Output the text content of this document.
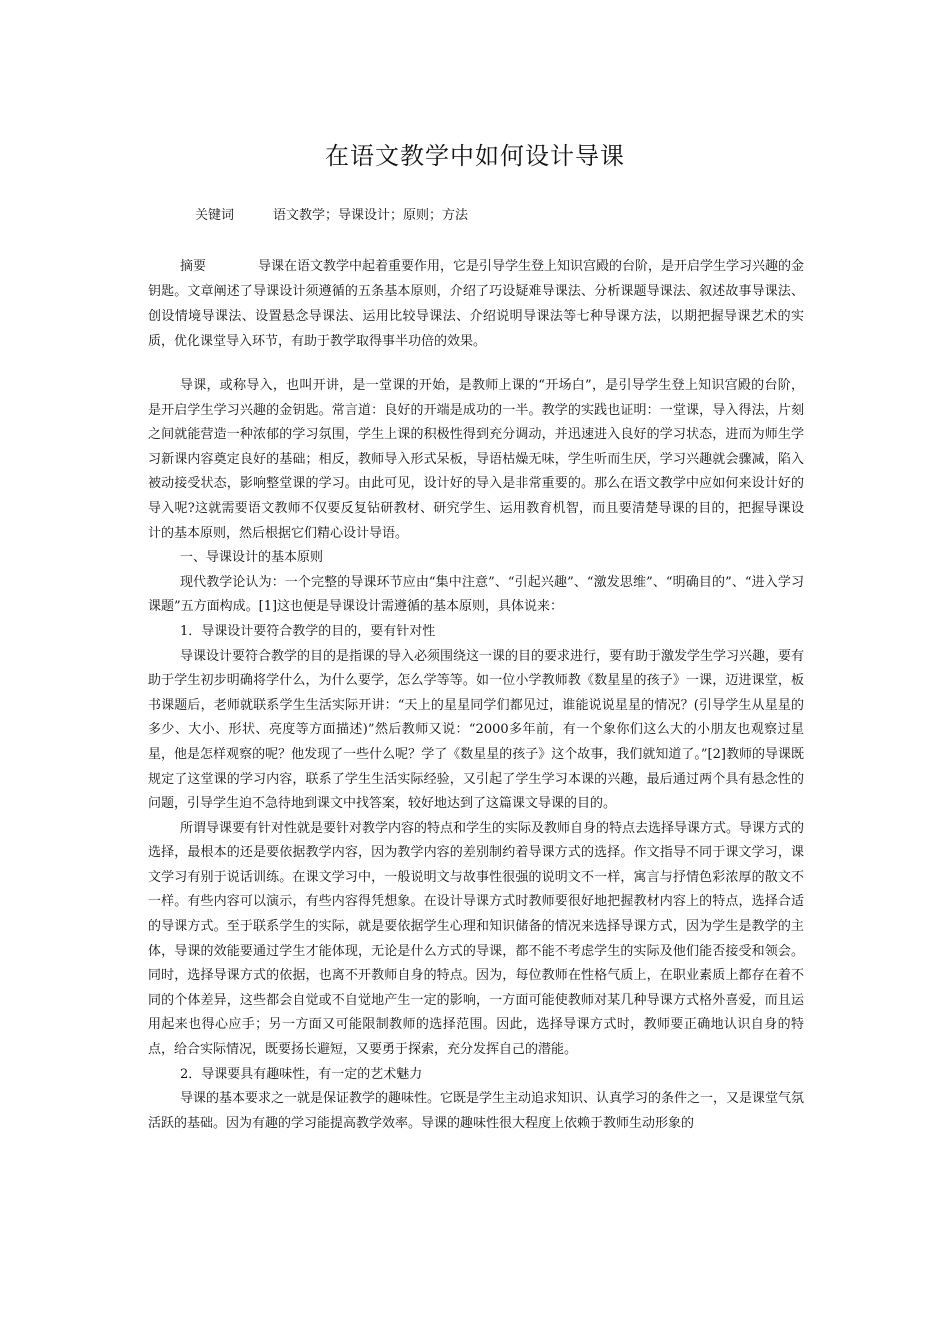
在语文教学中如何设计导课
关键词	语文教学；导课设计；原则；方法
摘要	导课在语文教学中起着重要作用，它是引导学生登上知识宫殿的台阶，是开启学生学习兴趣的金钥匙。文章阐述了导课设计须遵循的五条基本原则，介绍了巧设疑难导课法、分析课题导课法、叙述故事导课法、创设情境导课法、设置悬念导课法、运用比较导课法、介绍说明导课法等七种导课方法，以期把握导课艺术的实质，优化课堂导入环节，有助于教学取得事半功倍的效果。

导课，或称导入，也叫开讲，是一堂课的开始，是教师上课的“开场白”，是引导学生登上知识宫殿的台阶，是开启学生学习兴趣的金钥匙。常言道：良好的开端是成功的一半。教学的实践也证明：一堂课，导入得法，片刻之间就能营造一种浓郁的学习氛围，学生上课的积极性得到充分调动，并迅速进入良好的学习状态，进而为师生学习新课内容奠定良好的基础；相反，教师导入形式呆板，导语枯燥无味，学生听而生厌，学习兴趣就会骤减，陷入被动接受状态，影响整堂课的学习。由此可见，设计好的导入是非常重要的。那么在语文教学中应如何来设计好的导入呢?这就需要语文教师不仅要反复钻研教材、研究学生、运用教育机智，而且要清楚导课的目的，把握导课设计的基本原则，然后根据它们精心设计导语。

一、导课设计的基本原则

现代教学论认为：一个完整的导课环节应由“集中注意”、“引起兴趣”、“激发思维”、“明确目的”、“进入学习课题”五方面构成。[1]这也便是导课设计需遵循的基本原则，具体说来：

1．导课设计要符合教学的目的，要有针对性

导课设计要符合教学的目的是指课的导入必须围绕这一课的目的要求进行，要有助于激发学生学习兴趣，要有助于学生初步明确将学什么，为什么要学，怎么学等等。如一位小学教师教《数星星的孩子》一课，迈进课堂，板书课题后，老师就联系学生生活实际开讲：“天上的星星同学们都见过，谁能说说星星的情况？(引导学生从星星的多少、大小、形状、亮度等方面描述)”然后教师又说：“2000多年前，有一个象你们这么大的小朋友也观察过星星，他是怎样观察的呢？他发现了一些什么呢？学了《数星星的孩子》这个故事，我们就知道了。”[2]教师的导课既规定了这堂课的学习内容，联系了学生生活实际经验，又引起了学生学习本课的兴趣，最后通过两个具有悬念性的问题，引导学生迫不急待地到课文中找答案，较好地达到了这篇课文导课的目的。

所谓导课要有针对性就是要针对教学内容的特点和学生的实际及教师自身的特点去选择导课方式。导课方式的选择，最根本的还是要依据教学内容，因为教学内容的差别制约着导课方式的选择。作文指导不同于课文学习，课文学习有别于说话训练。在课文学习中，一般说明文与故事性很强的说明文不一样，寓言与抒情色彩浓厚的散文不一样。有些内容可以演示，有些内容得凭想象。在设计导课方式时教师要很好地把握教材内容上的特点，选择合适的导课方式。至于联系学生的实际，就是要依据学生心理和知识储备的情况来选择导课方式，因为学生是教学的主体，导课的效能要通过学生才能体现，无论是什么方式的导课，都不能不考虑学生的实际及他们能否接受和领会。同时，选择导课方式的依据，也离不开教师自身的特点。因为，每位教师在性格气质上，在职业素质上都存在着不同的个体差异，这些都会自觉或不自觉地产生一定的影响，一方面可能使教师对某几种导课方式格外喜爱，而且运用起来也得心应手；另一方面又可能限制教师的选择范围。因此，选择导课方式时，教师要正确地认识自身的特点，给合实际情况，既要扬长避短，又要勇于探索，充分发挥自己的潜能。

2．导课要具有趣味性，有一定的艺术魅力

导课的基本要求之一就是保证教学的趣味性。它既是学生主动追求知识、认真学习的条件之一，又是课堂气氛活跃的基础。因为有趣的学习能提高教学效率。导课的趣味性很大程度上依赖于教师生动形象的
